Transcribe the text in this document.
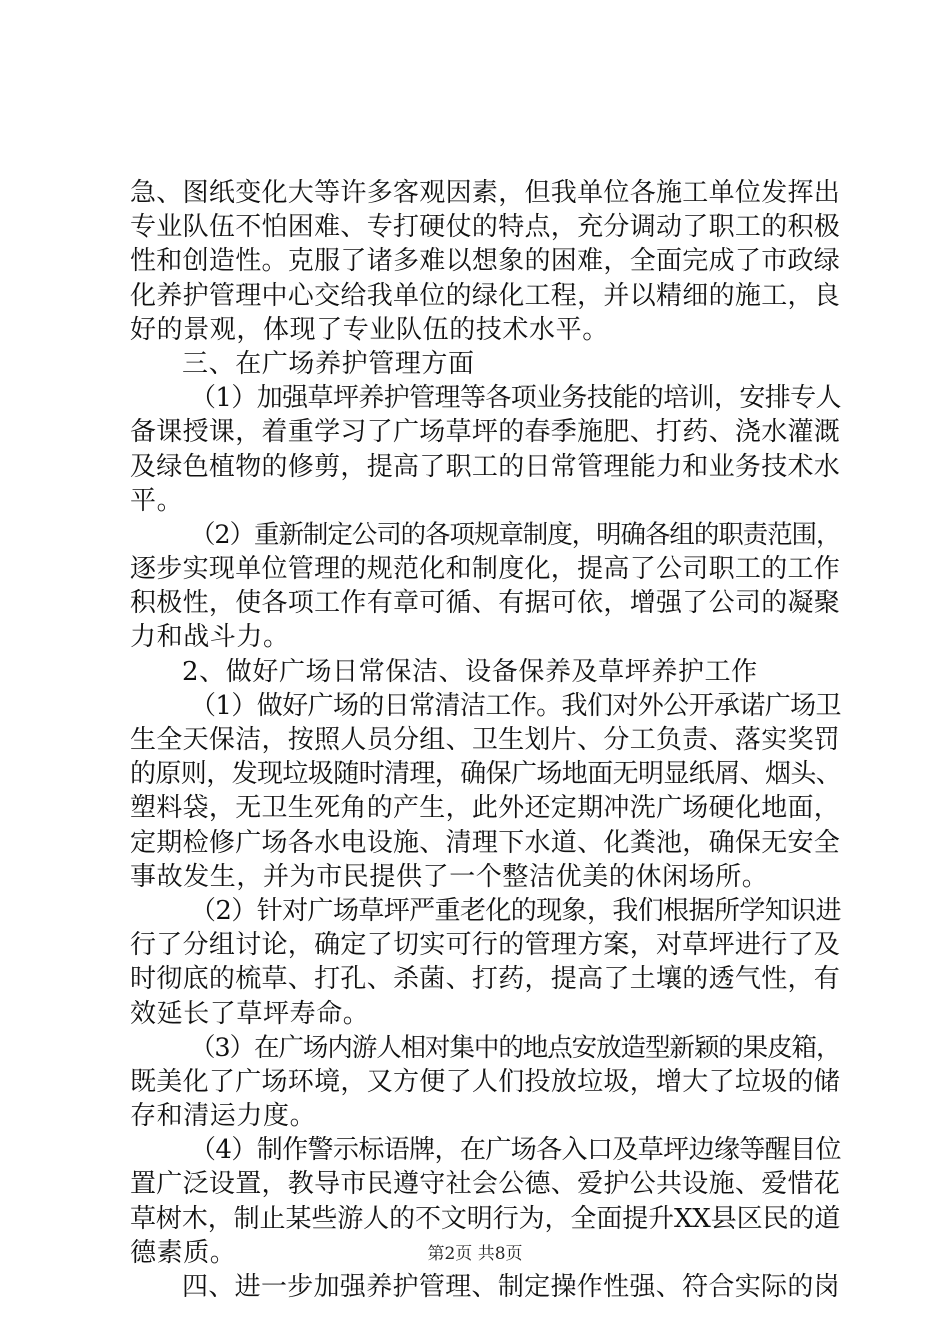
急、图纸变化大等许多客观因素，但我单位各施工单位发挥出
专业队伍不怕困难、专打硬仗的特点，充分调动了职工的积极
性和创造性。克服了诸多难以想象的困难，全面完成了市政绿
化养护管理中心交给我单位的绿化工程，并以精细的施工，良
好的景观，体现了专业队伍的技术水平。
三、在广场养护管理方面
（1）加强草坪养护管理等各项业务技能的培训，安排专人
备课授课，着重学习了广场草坪的春季施肥、打药、浇水灌溉
及绿色植物的修剪，提高了职工的日常管理能力和业务技术水
平。
（2）重新制定公司的各项规章制度，明确各组的职责范围，
逐步实现单位管理的规范化和制度化，提高了公司职工的工作
积极性，使各项工作有章可循、有据可依，增强了公司的凝聚
力和战斗力。
2、做好广场日常保洁、设备保养及草坪养护工作
（1）做好广场的日常清洁工作。我们对外公开承诺广场卫
生全天保洁，按照人员分组、卫生划片、分工负责、落实奖罚
的原则，发现垃圾随时清理，确保广场地面无明显纸屑、烟头、
塑料袋，无卫生死角的产生，此外还定期冲洗广场硬化地面，
定期检修广场各水电设施、清理下水道、化粪池，确保无安全
事故发生，并为市民提供了一个整洁优美的休闲场所。
（2）针对广场草坪严重老化的现象，我们根据所学知识进
行了分组讨论，确定了切实可行的管理方案，对草坪进行了及
时彻底的梳草、打孔、杀菌、打药，提高了土壤的透气性，有
效延长了草坪寿命。
（3）在广场内游人相对集中的地点安放造型新颖的果皮箱，
既美化了广场环境，又方便了人们投放垃圾，增大了垃圾的储
存和清运力度。
（4）制作警示标语牌，在广场各入口及草坪边缘等醒目位
置广泛设置，教导市民遵守社会公德、爱护公共设施、爱惜花
草树木，制止某些游人的不文明行为，全面提升XX县区民的道
德素质。
四、进一步加强养护管理、制定操作性强、符合实际的岗
第2页 共8页
